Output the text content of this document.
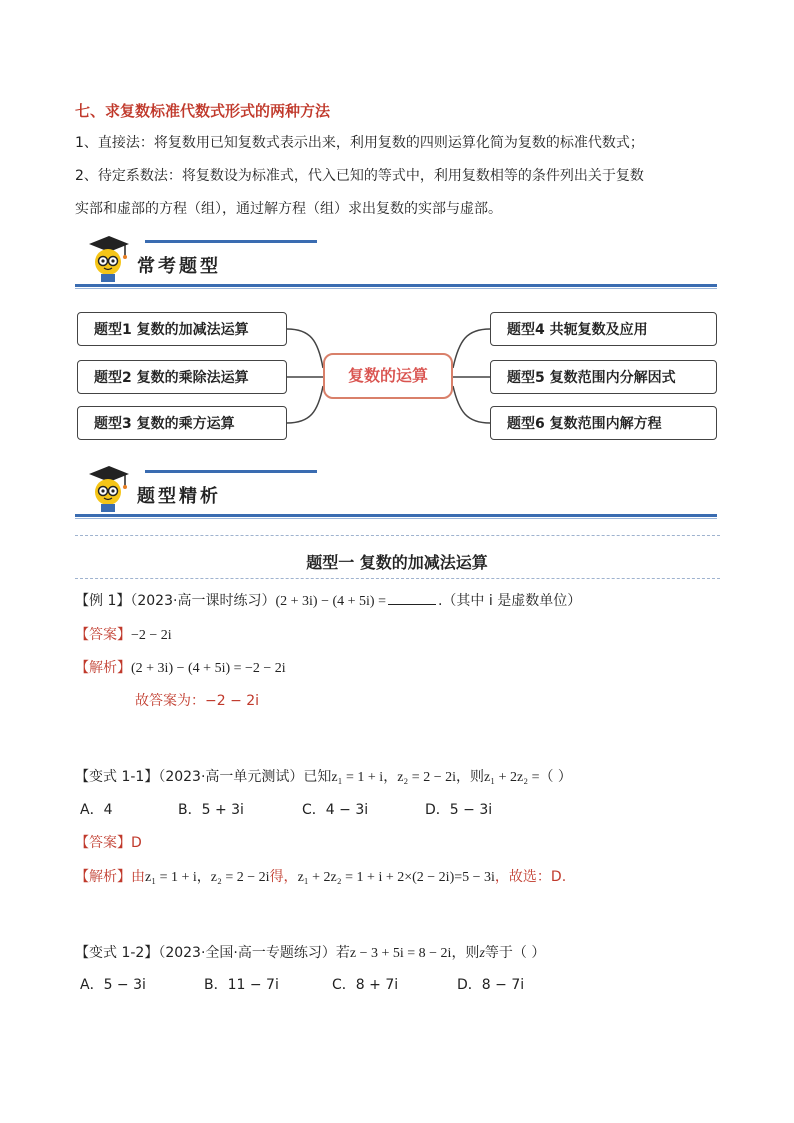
七、求复数标准代数式形式的两种方法
1、直接法：将复数用已知复数式表示出来，利用复数的四则运算化简为复数的标准代数式；
2、待定系数法：将复数设为标准式，代入已知的等式中，利用复数相等的条件列出关于复数
实部和虚部的方程（组），通过解方程（组）求出复数的实部与虚部。
常考题型
题型1 复数的加减法运算
题型2 复数的乘除法运算
题型3 复数的乘方运算
复数的运算
题型4 共轭复数及应用
题型5 复数范围内分解因式
题型6 复数范围内解方程
题型精析
题型一 复数的加减法运算
【例 1】（2023·高一课时练习）(2 + 3i) − (4 + 5i) =	.（其中 i 是虚数单位）
【答案】−2 − 2i
【解析】(2 + 3i) − (4 + 5i) = −2 − 2i
故答案为：−2 − 2i
【变式 1-1】（2023·高一单元测试）已知z₁ = 1 + i，z₂ = 2 − 2i，则z₁ + 2z₂ =（ ）
A．4	B．5 + 3i	C．4 − 3i	D．5 − 3i
【答案】D
【解析】由z₁ = 1 + i，z₂ = 2 − 2i得，z₁ + 2z₂ = 1 + i + 2×(2 − 2i)=5 − 3i，故选：D.
【变式 1-2】（2023·全国·高一专题练习）若z − 3 + 5i = 8 − 2i，则z等于（ ）
A．5 − 3i	B．11 − 7i	C．8 + 7i	D．8 − 7i
